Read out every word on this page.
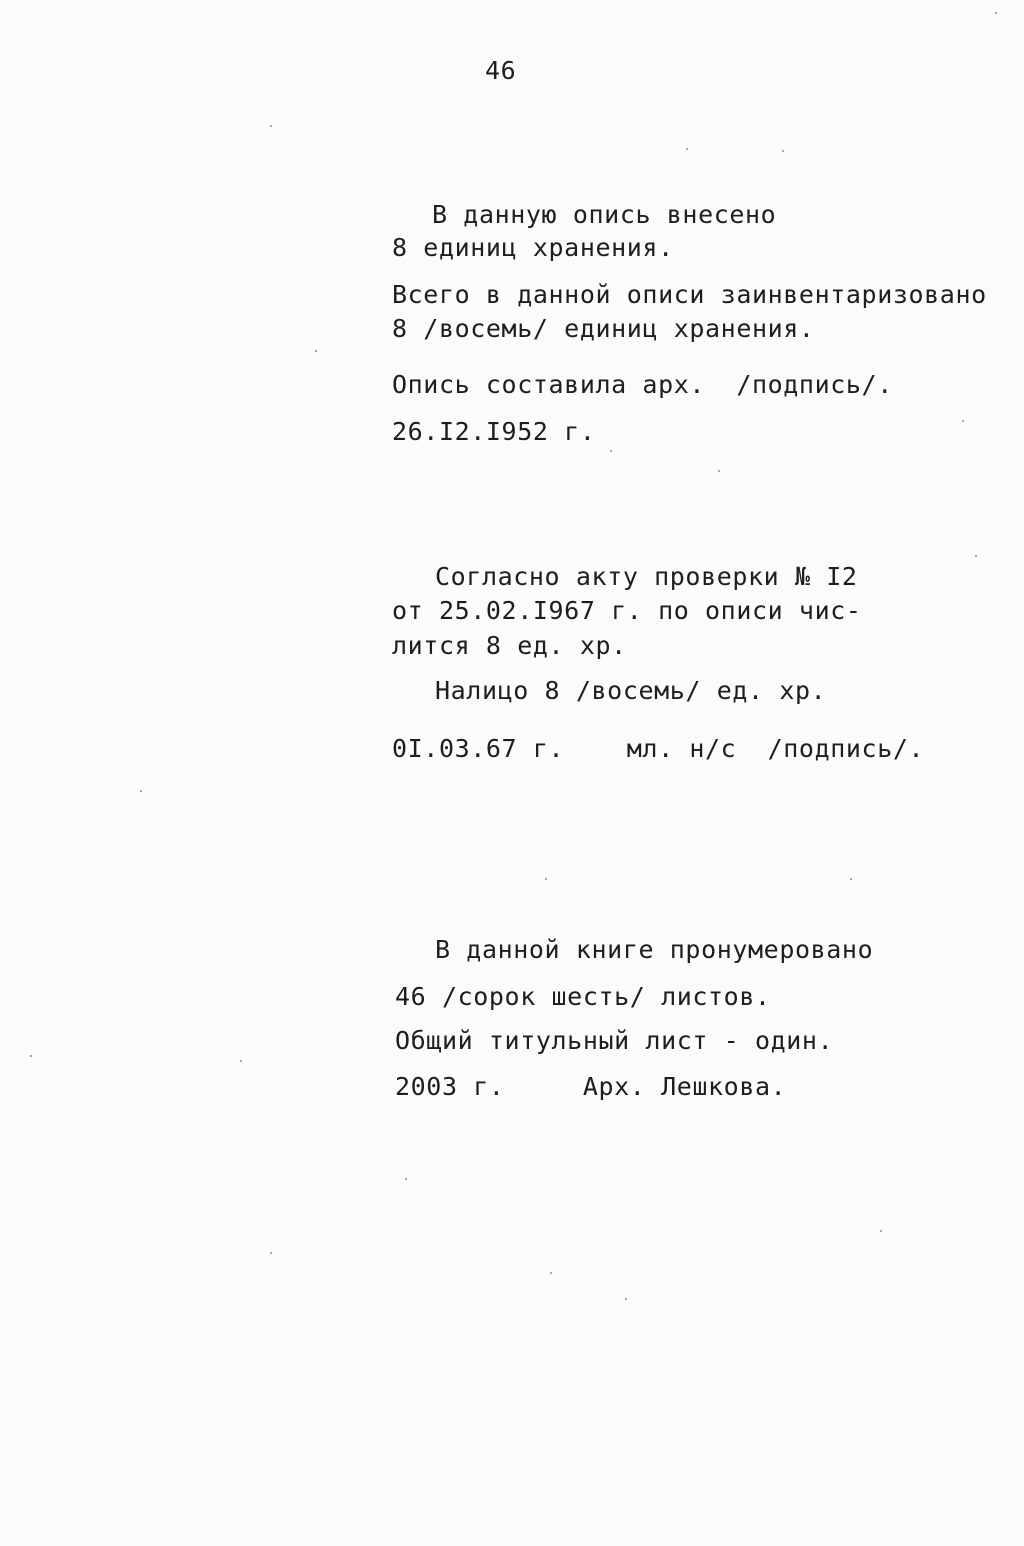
46
В данную опись внесено
8 единиц хранения.
Всего в данной описи заинвентаризовано
8 /восемь/ единиц хранения.
Опись составила арх.  /подпись/.
26.I2.I952 г.
Согласно акту проверки № I2
от 25.02.I967 г. по описи чис-
лится 8 ед. хр.
Налицо 8 /восемь/ ед. хр.
0I.03.67 г.    мл. н/с  /подпись/.
В данной книге пронумеровано
46 /сорок шесть/ листов.
Общий титульный лист - один.
2003 г.     Арх. Лешкова.
